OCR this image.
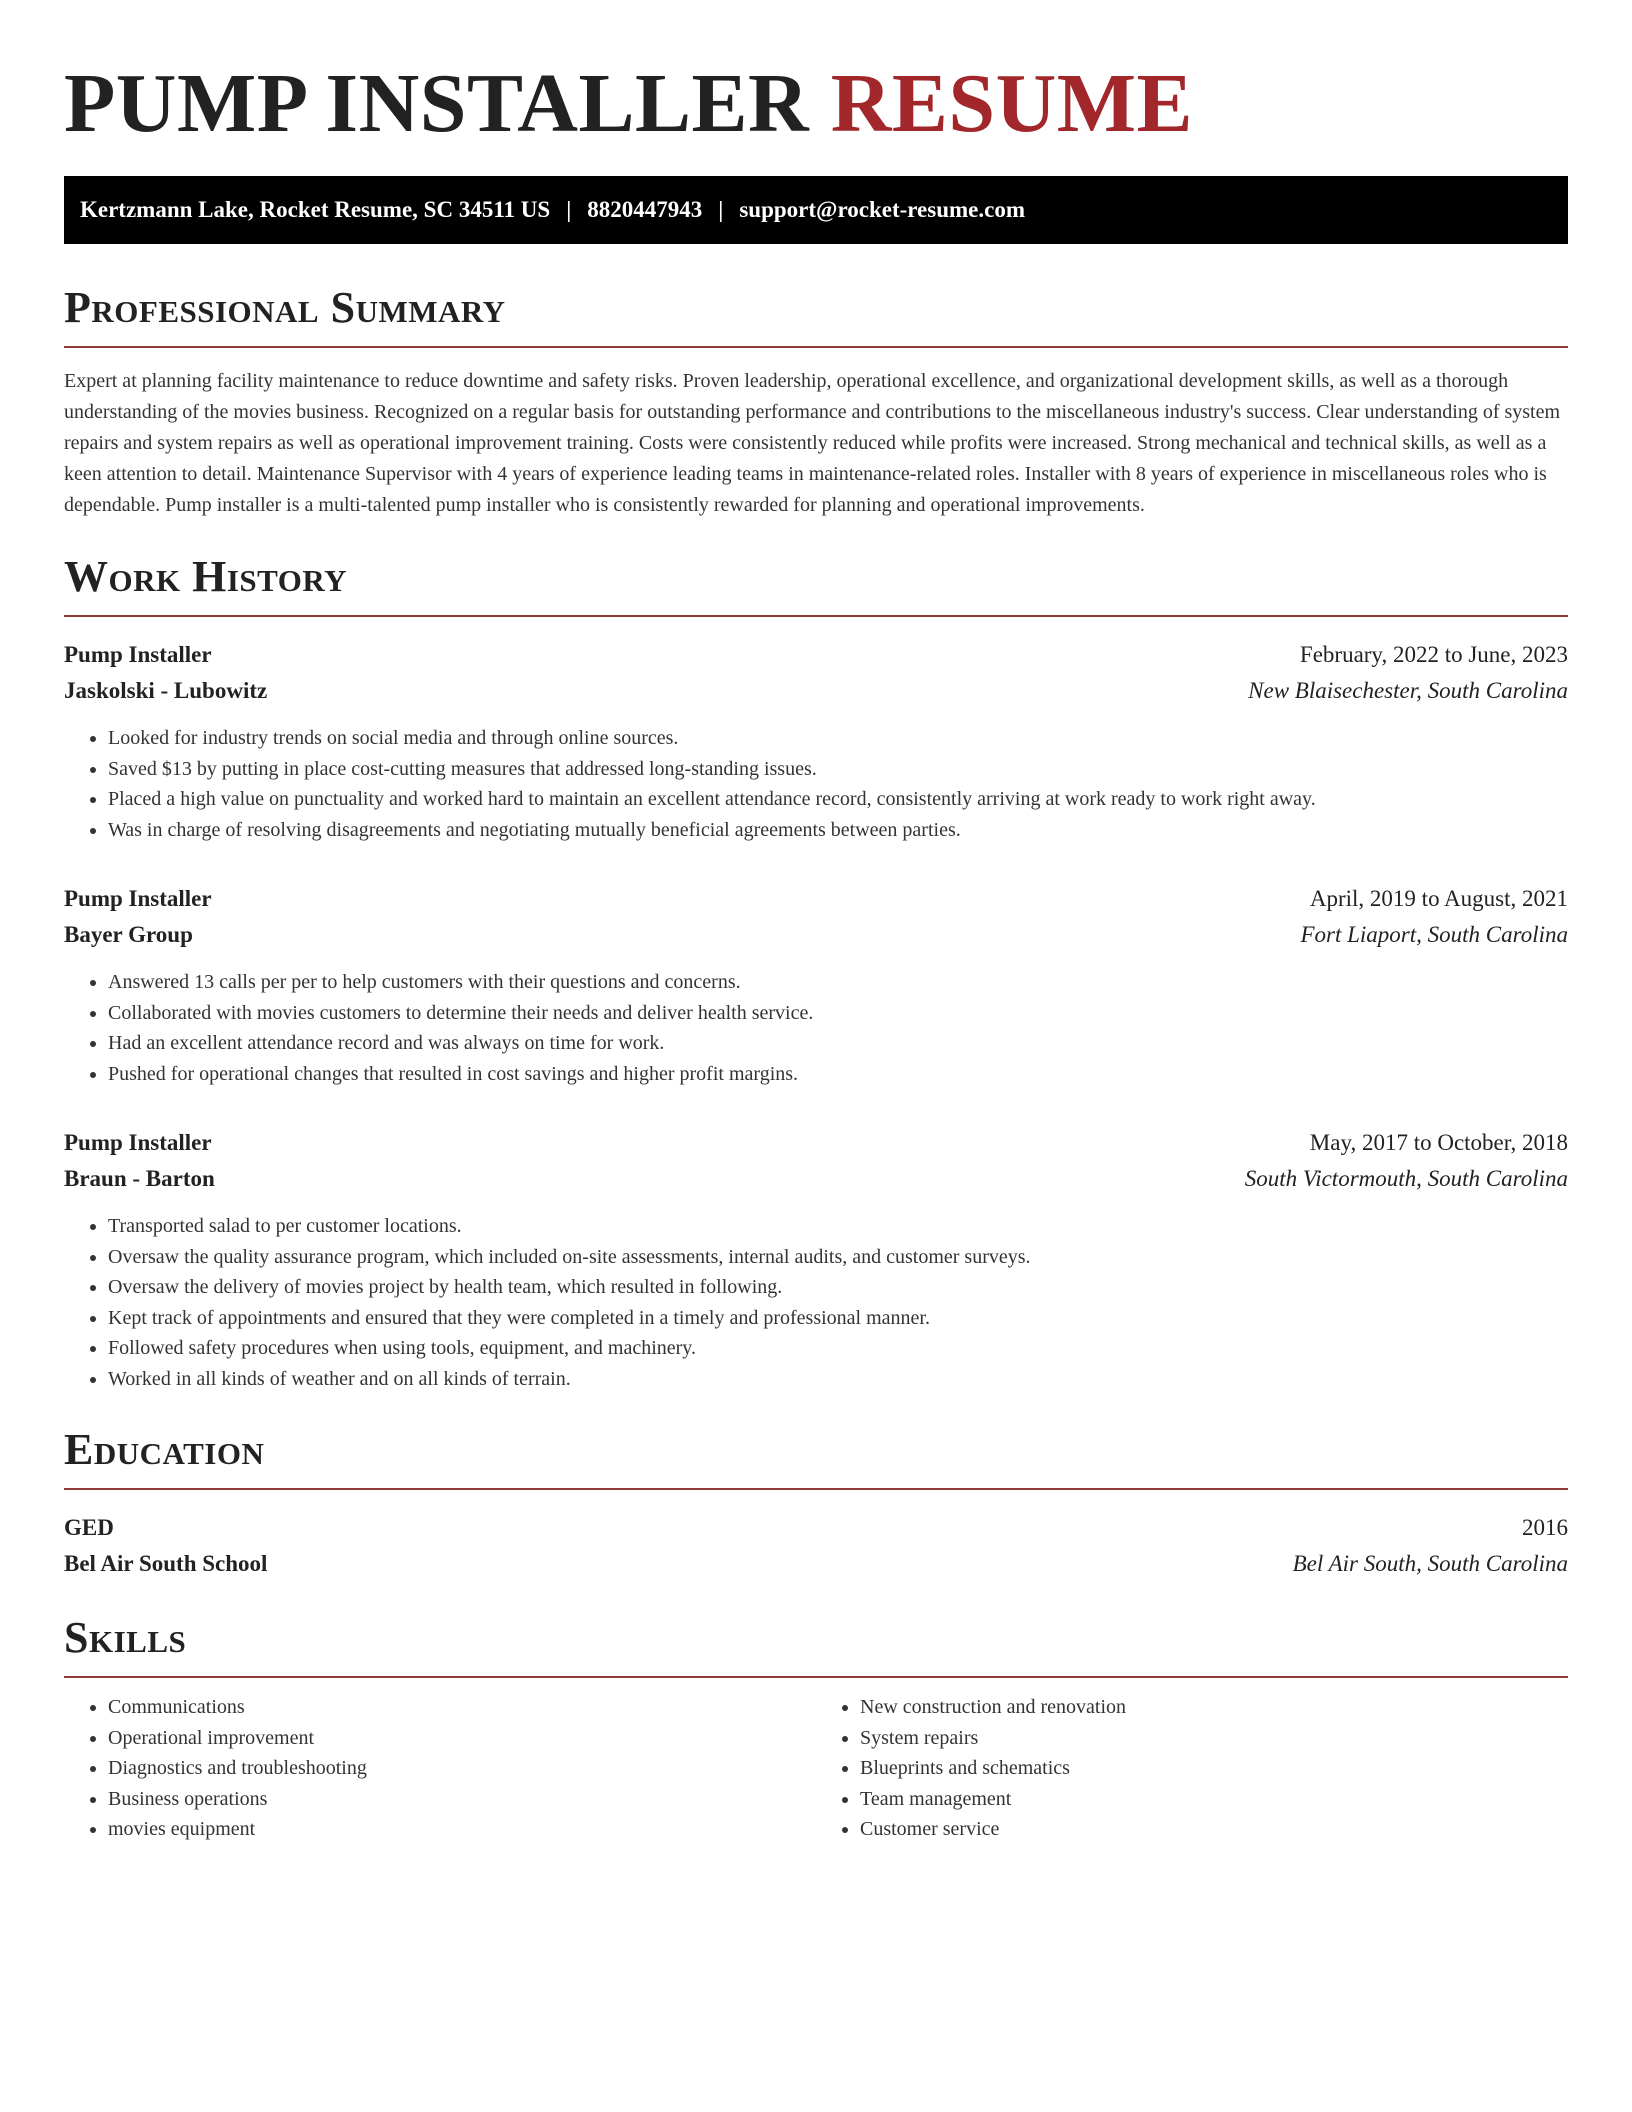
PUMP INSTALLER RESUME
Kertzmann Lake, Rocket Resume, SC 34511 US | 8820447943 | support@rocket-resume.com
Professional Summary

Expert at planning facility maintenance to reduce downtime and safety risks. Proven leadership, operational excellence, and organizational development skills, as well as a thorough understanding of the movies business. Recognized on a regular basis for outstanding performance and contributions to the miscellaneous industry's success. Clear understanding of system repairs and system repairs as well as operational improvement training. Costs were consistently reduced while profits were increased. Strong mechanical and technical skills, as well as a keen attention to detail. Maintenance Supervisor with 4 years of experience leading teams in maintenance-related roles. Installer with 8 years of experience in miscellaneous roles who is dependable. Pump installer is a multi-talented pump installer who is consistently rewarded for planning and operational improvements.

Work History
Pump Installer	February, 2022 to June, 2023
Jaskolski - Lubowitz	New Blaisechester, South Carolina
• Looked for industry trends on social media and through online sources.
• Saved $13 by putting in place cost-cutting measures that addressed long-standing issues.
• Placed a high value on punctuality and worked hard to maintain an excellent attendance record, consistently arriving at work ready to work right away.
• Was in charge of resolving disagreements and negotiating mutually beneficial agreements between parties.
Pump Installer	April, 2019 to August, 2021
Bayer Group	Fort Liaport, South Carolina
• Answered 13 calls per per to help customers with their questions and concerns.
• Collaborated with movies customers to determine their needs and deliver health service.
• Had an excellent attendance record and was always on time for work.
• Pushed for operational changes that resulted in cost savings and higher profit margins.
Pump Installer	May, 2017 to October, 2018
Braun - Barton	South Victormouth, South Carolina
• Transported salad to per customer locations.
• Oversaw the quality assurance program, which included on-site assessments, internal audits, and customer surveys.
• Oversaw the delivery of movies project by health team, which resulted in following.
• Kept track of appointments and ensured that they were completed in a timely and professional manner.
• Followed safety procedures when using tools, equipment, and machinery.
• Worked in all kinds of weather and on all kinds of terrain.
Education
GED	2016
Bel Air South School	Bel Air South, South Carolina
Skills
• Communications
• Operational improvement
• Diagnostics and troubleshooting
• Business operations
• movies equipment
• New construction and renovation
• System repairs
• Blueprints and schematics
• Team management
• Customer service
